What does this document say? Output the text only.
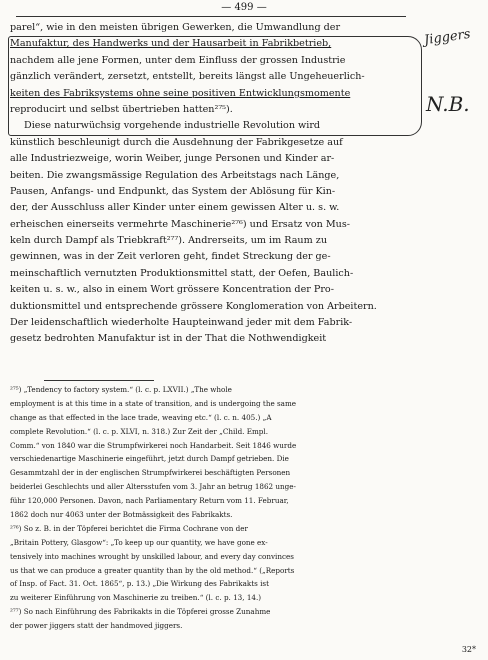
— 499 —
Jiggers
N.B.
parel“, wie in den meisten übrigen Gewerken, die Umwandlung der
Manufaktur, des Handwerks und der Hausarbeit in Fabrikbetrieb,
nachdem alle jene Formen, unter dem Einfluss der grossen Industrie
gänzlich verändert, zersetzt, entstellt, bereits längst alle Ungeheuerlich-
keiten des Fabriksystems ohne seine positiven Entwicklungsmomente
reproducirt und selbst übertrieben hatten²⁷⁵).
Diese naturwüchsig vorgehende industrielle Revolution wird
künstlich beschleunigt durch die Ausdehnung der Fabrikgesetze auf
alle Industriezweige, worin Weiber, junge Personen und Kinder ar-
beiten. Die zwangsmässige Regulation des Arbeitstags nach Länge,
Pausen, Anfangs- und Endpunkt, das System der Ablösung für Kin-
der, der Ausschluss aller Kinder unter einem gewissen Alter u. s. w.
erheischen einerseits vermehrte Maschinerie²⁷⁶) und Ersatz von Mus-
keln durch Dampf als Triebkraft²⁷⁷). Andrerseits, um im Raum zu
gewinnen, was in der Zeit verloren geht, findet Streckung der ge-
meinschaftlich vernutzten Produktionsmittel statt, der Oefen, Baulich-
keiten u. s. w., also in einem Wort grössere Koncentration der Pro-
duktionsmittel und entsprechende grössere Konglomeration von Arbeitern.
Der leidenschaftlich wiederholte Haupteinwand jeder mit dem Fabrik-
gesetz bedrohten Manufaktur ist in der That die Nothwendigkeit
²⁷⁵) „Tendency to factory system.“ (l. c. p. LXVII.) „The whole
employment is at this time in a state of transition, and is undergoing the same
change as that effected in the lace trade, weaving etc.“ (l. c. n. 405.) „A
complete Revolution.“ (l. c. p. XLVI, n. 318.) Zur Zeit der „Child. Empl.
Comm.“ von 1840 war die Strumpfwirkerei noch Handarbeit. Seit 1846 wurde
verschiedenartige Maschinerie eingeführt, jetzt durch Dampf getrieben. Die
Gesammtzahl der in der englischen Strumpfwirkerei beschäftigten Personen
beiderlei Geschlechts und aller Altersstufen vom 3. Jahr an betrug 1862 unge-
führ 120,000 Personen. Davon, nach Parliamentary Return vom 11. Februar,
1862 doch nur 4063 unter der Botmässigkeit des Fabrikakts.
²⁷⁶) So z. B. in der Töpferei berichtet die Firma Cochrane von der
„Britain Pottery, Glasgow“: „To keep up our quantity, we have gone ex-
tensively into machines wrought by unskilled labour, and every day convinces
us that we can produce a greater quantity than by the old method.“ („Reports
of Insp. of Fact. 31. Oct. 1865“, p. 13.) „Die Wirkung des Fabrikakts ist
zu weiterer Einführung von Maschinerie zu treiben.“ (l. c. p. 13, 14.)
²⁷⁷) So nach Einführung des Fabrikakts in die Töpferei grosse Zunahme
der power jiggers statt der handmoved jiggers.
32*
